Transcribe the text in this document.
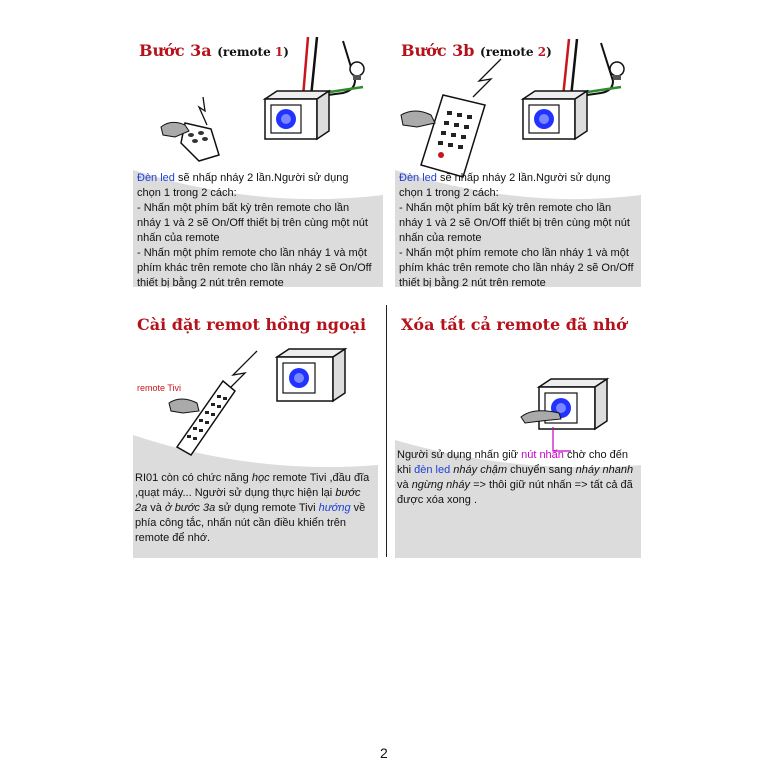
Bước 3a (remote 1)
Đèn led sẽ nhấp nháy 2 lần.Người sử dụng chọn 1 trong 2 cách:
- Nhấn một phím bất kỳ trên remote cho lần nháy 1 và 2 sẽ On/Off thiết bị trên cùng một nút nhấn của remote
- Nhấn một phím remote cho lần nháy 1 và một phím khác trên remote cho lần nháy 2 sẽ On/Off thiết bị bằng 2 nút trên remote
Bước 3b (remote 2)
Đèn led sẽ nhấp nháy 2 lần.Người sử dụng chọn 1 trong 2 cách:
- Nhấn một phím bất kỳ trên remote cho lần nháy 1 và 2 sẽ On/Off thiết bị trên cùng một nút nhấn của remote
- Nhấn một phím remote cho lần nháy 1 và một phím khác trên remote cho lần nháy 2 sẽ On/Off thiết bị bằng 2 nút trên remote
Cài đặt remot hồng ngoại
remote Tivi
RI01 còn có chức năng học remote Tivi ,đầu đĩa ,quạt máy... Người sử dụng thực hiện lại bước 2a và ở bước 3a sử dụng remote Tivi hướng về phía công tắc, nhấn nút cần điều khiển trên remote để nhớ.
Xóa tất cả remote đã nhớ
Người sử dụng nhấn giữ nút nhấn chờ cho đến khi đèn led nháy chậm chuyển sang nháy nhanh và ngừng nháy => thôi giữ nút nhấn => tất cả đã được xóa xong .
2
